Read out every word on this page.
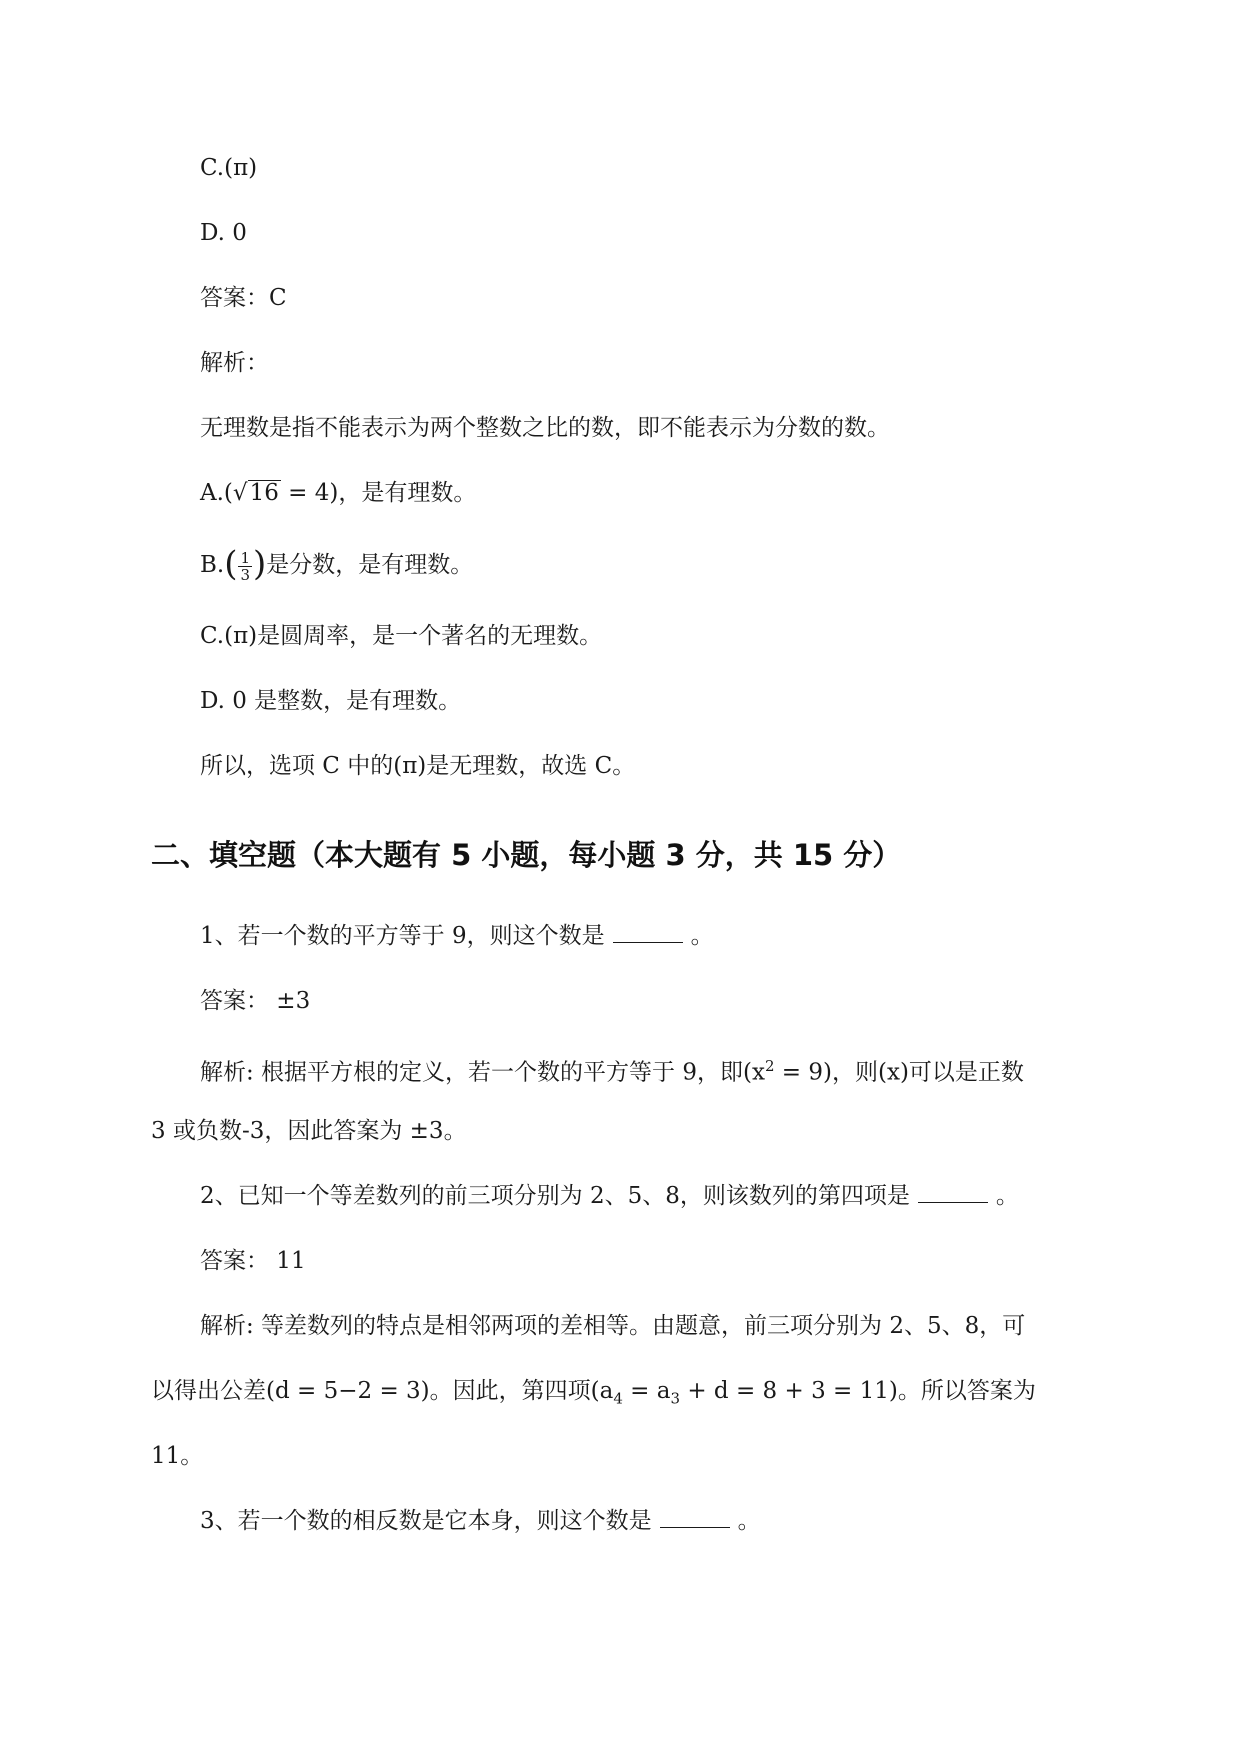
C.(π)
D. 0
答案：C
解析：
无理数是指不能表示为两个整数之比的数，即不能表示为分数的数。
A.(√16 = 4)，是有理数。
$B.( \frac{1}{3}$ )是分数，是有理数。
C.(π)是圆周率，是一个著名的无理数。
D. 0 是整数，是有理数。
所以，选项 C 中的(π)是无理数，故选 C。
二、填空题（本大题有 5 小题，每小题 3 分，共 15 分）
1、若一个数的平方等于 9，则这个数是	。
答案： ±3
解析: 根据平方根的定义，若一个数的平方等于 9，即$(x^2 = 9)$，则(x)可以是正数
3 或负数-3，因此答案为 ±3。
2、已知一个等差数列的前三项分别为 2、5、8，则该数列的第四项是	。
答案： 11
解析: 等差数列的特点是相邻两项的差相等。由题意，前三项分别为 2、5、8，可
以得出公差(d = 5−2 = 3)。因此，第四项$(a_4 = a_3 + d = 8 + 3 = 11)$。所以答案为
11。
3、若一个数的相反数是它本身，则这个数是	。
